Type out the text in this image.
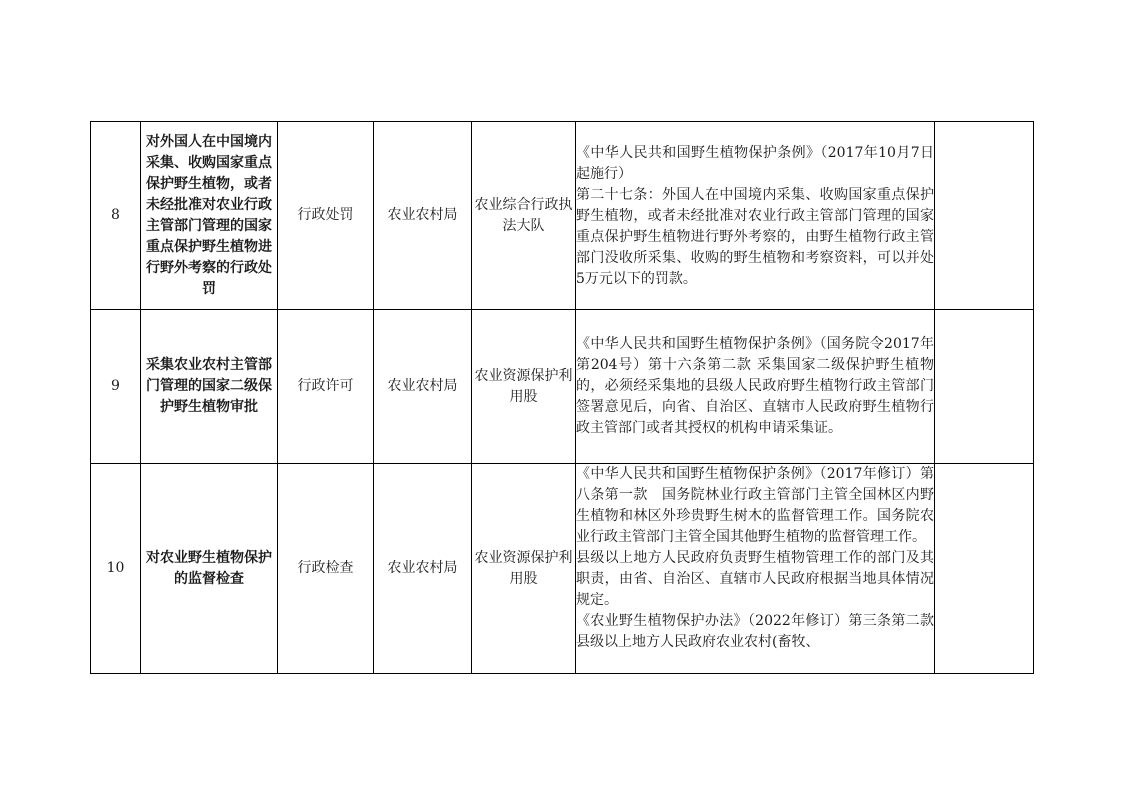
8	对外国人在中国境内采集、收购国家重点保护野生植物，或者未经批准对农业行政主管部门管理的国家重点保护野生植物进行野外考察的行政处罚	行政处罚	农业农村局	农业综合行政执法大队	《中华人民共和国野生植物保护条例》（2017年10月7日起施行）
第二十七条：外国人在中国境内采集、收购国家重点保护野生植物，或者未经批准对农业行政主管部门管理的国家重点保护野生植物进行野外考察的，由野生植物行政主管部门没收所采集、收购的野生植物和考察资料，可以并处5万元以下的罚款。	

9	采集农业农村主管部门管理的国家二级保护野生植物审批	行政许可	农业农村局	农业资源保护利用股	《中华人民共和国野生植物保护条例》（国务院令2017年第204号）第十六条第二款 采集国家二级保护野生植物的，必须经采集地的县级人民政府野生植物行政主管部门签署意见后，向省、自治区、直辖市人民政府野生植物行政主管部门或者其授权的机构申请采集证。	

10	对农业野生植物保护的监督检查	行政检查	农业农村局	农业资源保护利用股	《中华人民共和国野生植物保护条例》（2017年修订）第八条第一款　国务院林业行政主管部门主管全国林区内野生植物和林区外珍贵野生树木的监督管理工作。国务院农业行政主管部门主管全国其他野生植物的监督管理工作。
县级以上地方人民政府负责野生植物管理工作的部门及其职责，由省、自治区、直辖市人民政府根据当地具体情况规定。
《农业野生植物保护办法》（2022年修订）第三条第二款 县级以上地方人民政府农业农村(畜牧、	
